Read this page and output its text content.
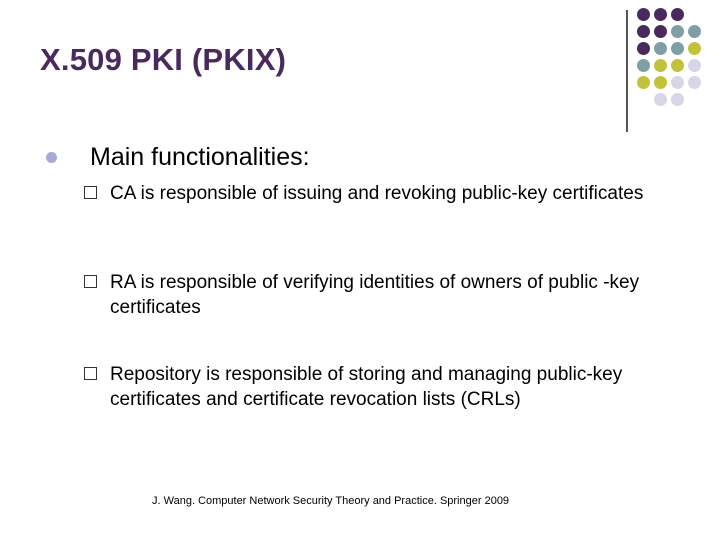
X.509 PKI (PKIX)
Main functionalities:
CA is responsible of issuing and revoking public-key certificates
RA is responsible of verifying identities of owners of public -key certificates
Repository is responsible of storing and managing public-key certificates and certificate revocation lists (CRLs)
J. Wang. Computer Network Security Theory and Practice. Springer 2009
